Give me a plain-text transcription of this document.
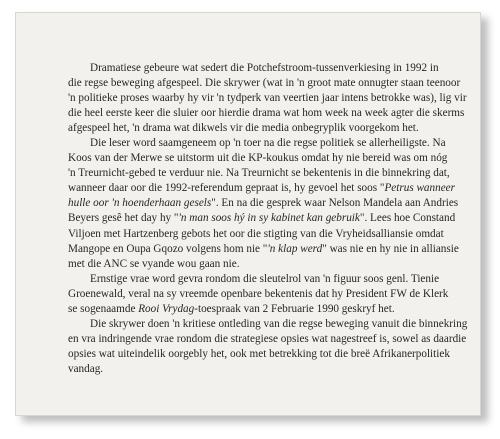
Dramatiese gebeure wat sedert die Potchefstroom-tussenverkiesing in 1992 in
die regse beweging afgespeel. Die skrywer (wat in 'n groot mate onnugter staan teenoor
'n politieke proses waarby hy vir 'n tydperk van veertien jaar intens betrokke was), lig vir
die heel eerste keer die sluier oor hierdie drama wat hom week na week agter die skerms
afgespeel het, 'n drama wat dikwels vir die media onbegryplik voorgekom het.
Die leser word saamgeneem op 'n toer na die regse politiek se allerheiligste. Na
Koos van der Merwe se uitstorm uit die KP-koukus omdat hy nie bereid was om nóg
'n Treurnicht-gebed te verduur nie. Na Treurnicht se bekentenis in die binnekring dat,
wanneer daar oor die 1992-referendum gepraat is, hy gevoel het soos "Petrus wanneer
hulle oor 'n hoenderhaan gesels". En na die gesprek waar Nelson Mandela aan Andries
Beyers gesê het day hy "'n man soos hý in sy kabinet kan gebruik". Lees hoe Constand
Viljoen met Hartzenberg gebots het oor die stigting van die Vryheidsalliansie omdat
Mangope en Oupa Gqozo volgens hom nie "'n klap werd" was nie en hy nie in alliansie
met die ANC se vyande wou gaan nie.
Ernstige vrae word gevra rondom die sleutelrol van 'n figuur soos genl. Tienie
Groenewald, veral na sy vreemde openbare bekentenis dat hy President FW de Klerk
se sogenaamde Rooi Vrydag-toespraak van 2 Februarie 1990 geskryf het.
Die skrywer doen 'n kritiese ontleding van die regse beweging vanuit die binnekring
en vra indringende vrae rondom die strategiese opsies wat nagestreef is, sowel as daardie
opsies wat uiteindelik oorgebly het, ook met betrekking tot die breë Afrikanerpolitiek
vandag.
